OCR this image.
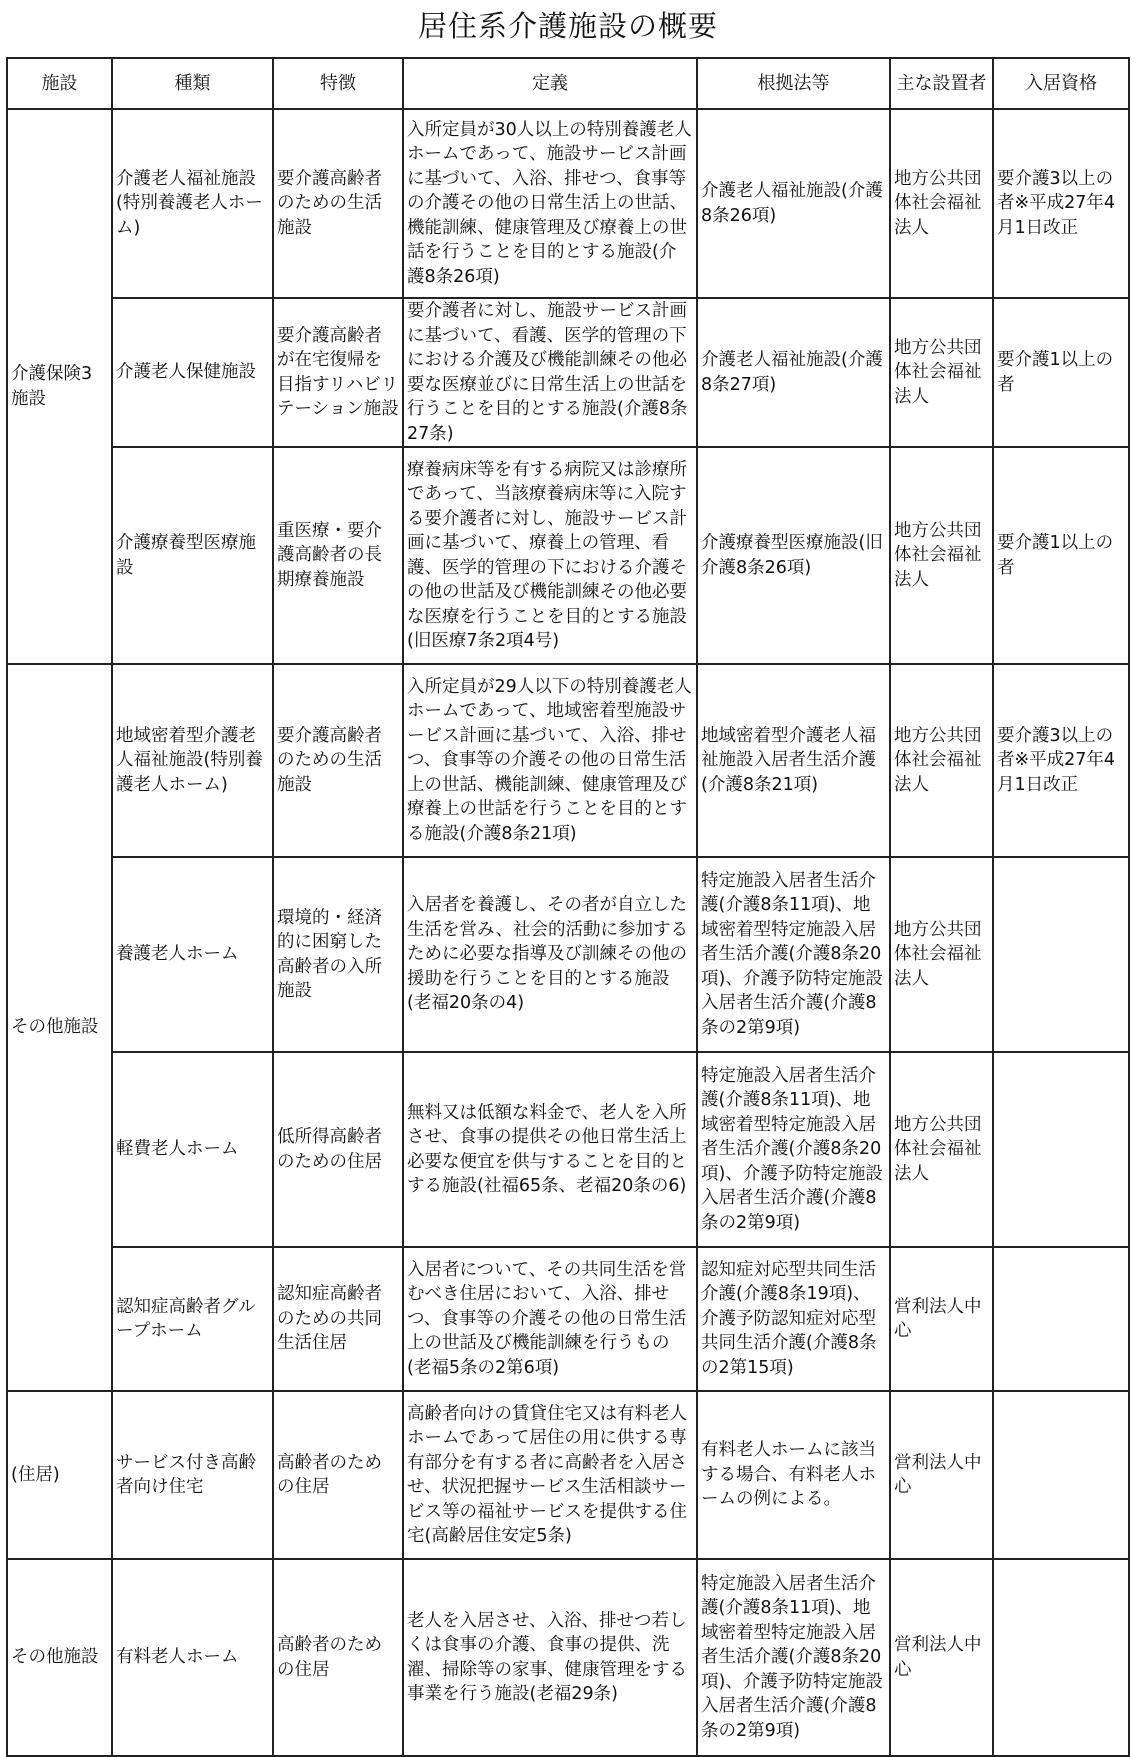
居住系介護施設の概要
施設	種類	特徴	定義	根拠法等	主な設置者	入居資格
介護保険3施設	介護老人福祉施設(特別養護老人ホーム)	要介護高齢者のための生活施設	入所定員が30人以上の特別養護老人ホームであって、施設サービス計画に基づいて、入浴、排せつ、食事等の介護その他の日常生活上の世話、機能訓練、健康管理及び療養上の世話を行うことを目的とする施設(介護8条26項)	介護老人福祉施設(介護8条26項)	地方公共団体社会福祉法人	要介護3以上の者※平成27年4月1日改正
	介護老人保健施設	要介護高齢者が在宅復帰を目指すリハビリテーション施設	要介護者に対し、施設サービス計画に基づいて、看護、医学的管理の下における介護及び機能訓練その他必要な医療並びに日常生活上の世話を行うことを目的とする施設(介護8条27条)	介護老人福祉施設(介護8条27項)	地方公共団体社会福祉法人	要介護1以上の者
	介護療養型医療施設	重医療・要介護高齢者の長期療養施設	療養病床等を有する病院又は診療所であって、当該療養病床等に入院する要介護者に対し、施設サービス計画に基づいて、療養上の管理、看護、医学的管理の下における介護その他の世話及び機能訓練その他必要な医療を行うことを目的とする施設(旧医療7条2項4号)	介護療養型医療施設(旧介護8条26項)	地方公共団体社会福祉法人	要介護1以上の者
その他施設	地域密着型介護老人福祉施設(特別養護老人ホーム)	要介護高齢者のための生活施設	入所定員が29人以下の特別養護老人ホームであって、地域密着型施設サービス計画に基づいて、入浴、排せつ、食事等の介護その他の日常生活上の世話、機能訓練、健康管理及び療養上の世話を行うことを目的とする施設(介護8条21項)	地域密着型介護老人福祉施設入居者生活介護(介護8条21項)	地方公共団体社会福祉法人	要介護3以上の者※平成27年4月1日改正
	養護老人ホーム	環境的・経済的に困窮した高齢者の入所施設	入居者を養護し、その者が自立した生活を営み、社会的活動に参加するために必要な指導及び訓練その他の援助を行うことを目的とする施設(老福20条の4)	特定施設入居者生活介護(介護8条11項)、地域密着型特定施設入居者生活介護(介護8条20項)、介護予防特定施設入居者生活介護(介護8条の2第9項)	地方公共団体社会福祉法人	
	軽費老人ホーム	低所得高齢者のための住居	無料又は低額な料金で、老人を入所させ、食事の提供その他日常生活上必要な便宜を供与することを目的とする施設(社福65条、老福20条の6)	特定施設入居者生活介護(介護8条11項)、地域密着型特定施設入居者生活介護(介護8条20項)、介護予防特定施設入居者生活介護(介護8条の2第9項)	地方公共団体社会福祉法人	
	認知症高齢者グループホーム	認知症高齢者のための共同生活住居	入居者について、その共同生活を営むべき住居において、入浴、排せつ、食事等の介護その他の日常生活上の世話及び機能訓練を行うもの(老福5条の2第6項)	認知症対応型共同生活介護(介護8条19項)、介護予防認知症対応型共同生活介護(介護8条の2第15項)	営利法人中心	
(住居)	サービス付き高齢者向け住宅	高齢者のための住居	高齢者向けの賃貸住宅又は有料老人ホームであって居住の用に供する専有部分を有する者に高齢者を入居させ、状況把握サービス生活相談サービス等の福祉サービスを提供する住宅(高齢居住安定5条)	有料老人ホームに該当する場合、有料老人ホームの例による。	営利法人中心	
その他施設	有料老人ホーム	高齢者のための住居	老人を入居させ、入浴、排せつ若しくは食事の介護、食事の提供、洗濯、掃除等の家事、健康管理をする事業を行う施設(老福29条)	特定施設入居者生活介護(介護8条11項)、地域密着型特定施設入居者生活介護(介護8条20項)、介護予防特定施設入居者生活介護(介護8条の2第9項)	営利法人中心	
